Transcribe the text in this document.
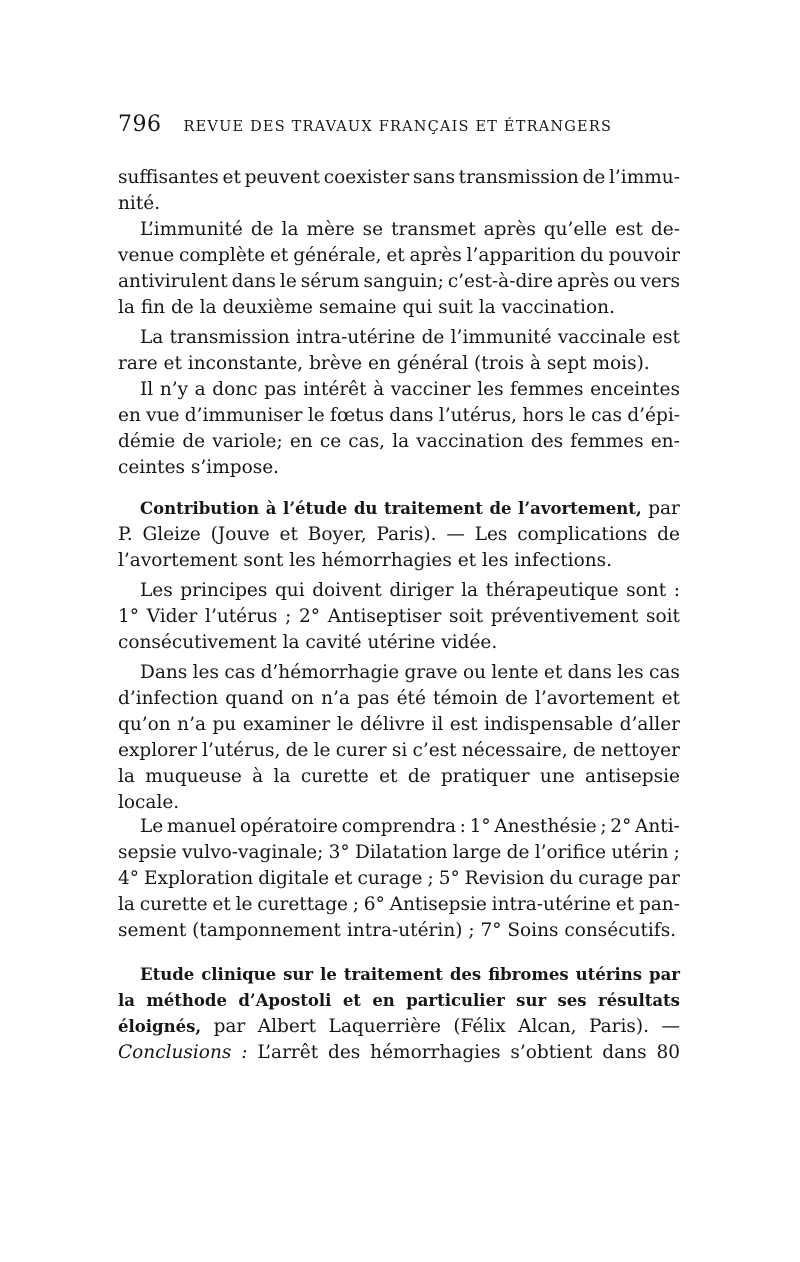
796 REVUE DES TRAVAUX FRANÇAIS ET ÉTRANGERS
suffisantes et peuvent coexister sans transmission de l’immu-
nité.
L’immunité de la mère se transmet après qu’elle est de-
venue complète et générale, et après l’apparition du pouvoir
antivirulent dans le sérum sanguin; c’est-à-dire après ou vers
la fin de la deuxième semaine qui suit la vaccination.
La transmission intra-utérine de l’immunité vaccinale est
rare et inconstante, brève en général (trois à sept mois).
Il n’y a donc pas intérêt à vacciner les femmes enceintes
en vue d’immuniser le fœtus dans l’utérus, hors le cas d’épi-
démie de variole; en ce cas, la vaccination des femmes en-
ceintes s’impose.
Contribution à l’étude du traitement de l’avortement, par
P. Gleize (Jouve et Boyer, Paris). — Les complications de
l’avortement sont les hémorrhagies et les infections.
Les principes qui doivent diriger la thérapeutique sont :
1° Vider l’utérus ; 2° Antiseptiser soit préventivement soit
consécutivement la cavité utérine vidée.
Dans les cas d’hémorrhagie grave ou lente et dans les cas
d’infection quand on n’a pas été témoin de l’avortement et
qu’on n’a pu examiner le délivre il est indispensable d’aller
explorer l’utérus, de le curer si c’est nécessaire, de nettoyer
la muqueuse à la curette et de pratiquer une antisepsie
locale.
Le manuel opératoire comprendra : 1° Anesthésie ; 2° Anti-
sepsie vulvo-vaginale; 3° Dilatation large de l’orifice utérin ;
4° Exploration digitale et curage ; 5° Revision du curage par
la curette et le curettage ; 6° Antisepsie intra-utérine et pan-
sement (tamponnement intra-utérin) ; 7° Soins consécutifs.
Etude clinique sur le traitement des fibromes utérins par
la méthode d’Apostoli et en particulier sur ses résultats
éloignés, par Albert Laquerrière (Félix Alcan, Paris). —
Conclusions : L’arrêt des hémorrhagies s’obtient dans 80
